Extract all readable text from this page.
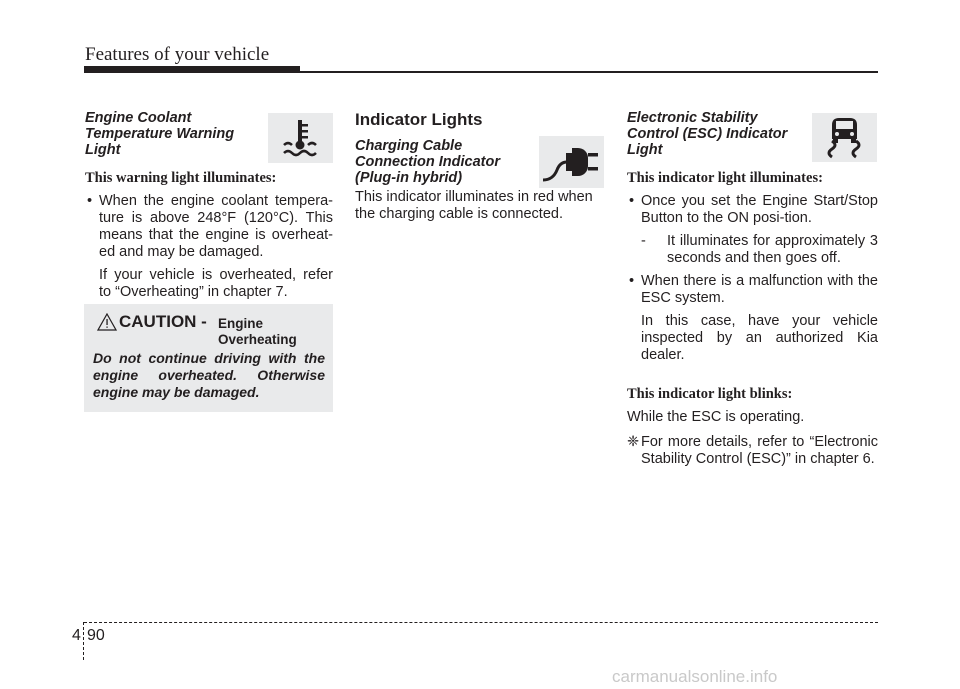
Features of your vehicle

Engine Coolant
Temperature Warning
Light

This warning light illuminates:

• When the engine coolant tempera-ture is above 248°F (120°C). This means that the engine is overheat-ed and may be damaged.

If your vehicle is overheated, refer to “Overheating” in chapter 7.

CAUTION - Engine
Overheating
Do not continue driving with the engine overheated. Otherwise engine may be damaged.

Indicator Lights

Charging Cable
Connection Indicator
(Plug-in hybrid)

This indicator illuminates in red when the charging cable is connected.

Electronic Stability
Control (ESC) Indicator
Light

This indicator light illuminates:

• Once you set the Engine Start/Stop Button to the ON posi-tion.

- It illuminates for approximately 3 seconds and then goes off.

• When there is a malfunction with the ESC system.

In this case, have your vehicle inspected by an authorized Kia dealer.

This indicator light blinks:

While the ESC is operating.

❈ For more details, refer to “Electronic Stability Control (ESC)” in chapter 6.

4 90
carmanualsonline.info
